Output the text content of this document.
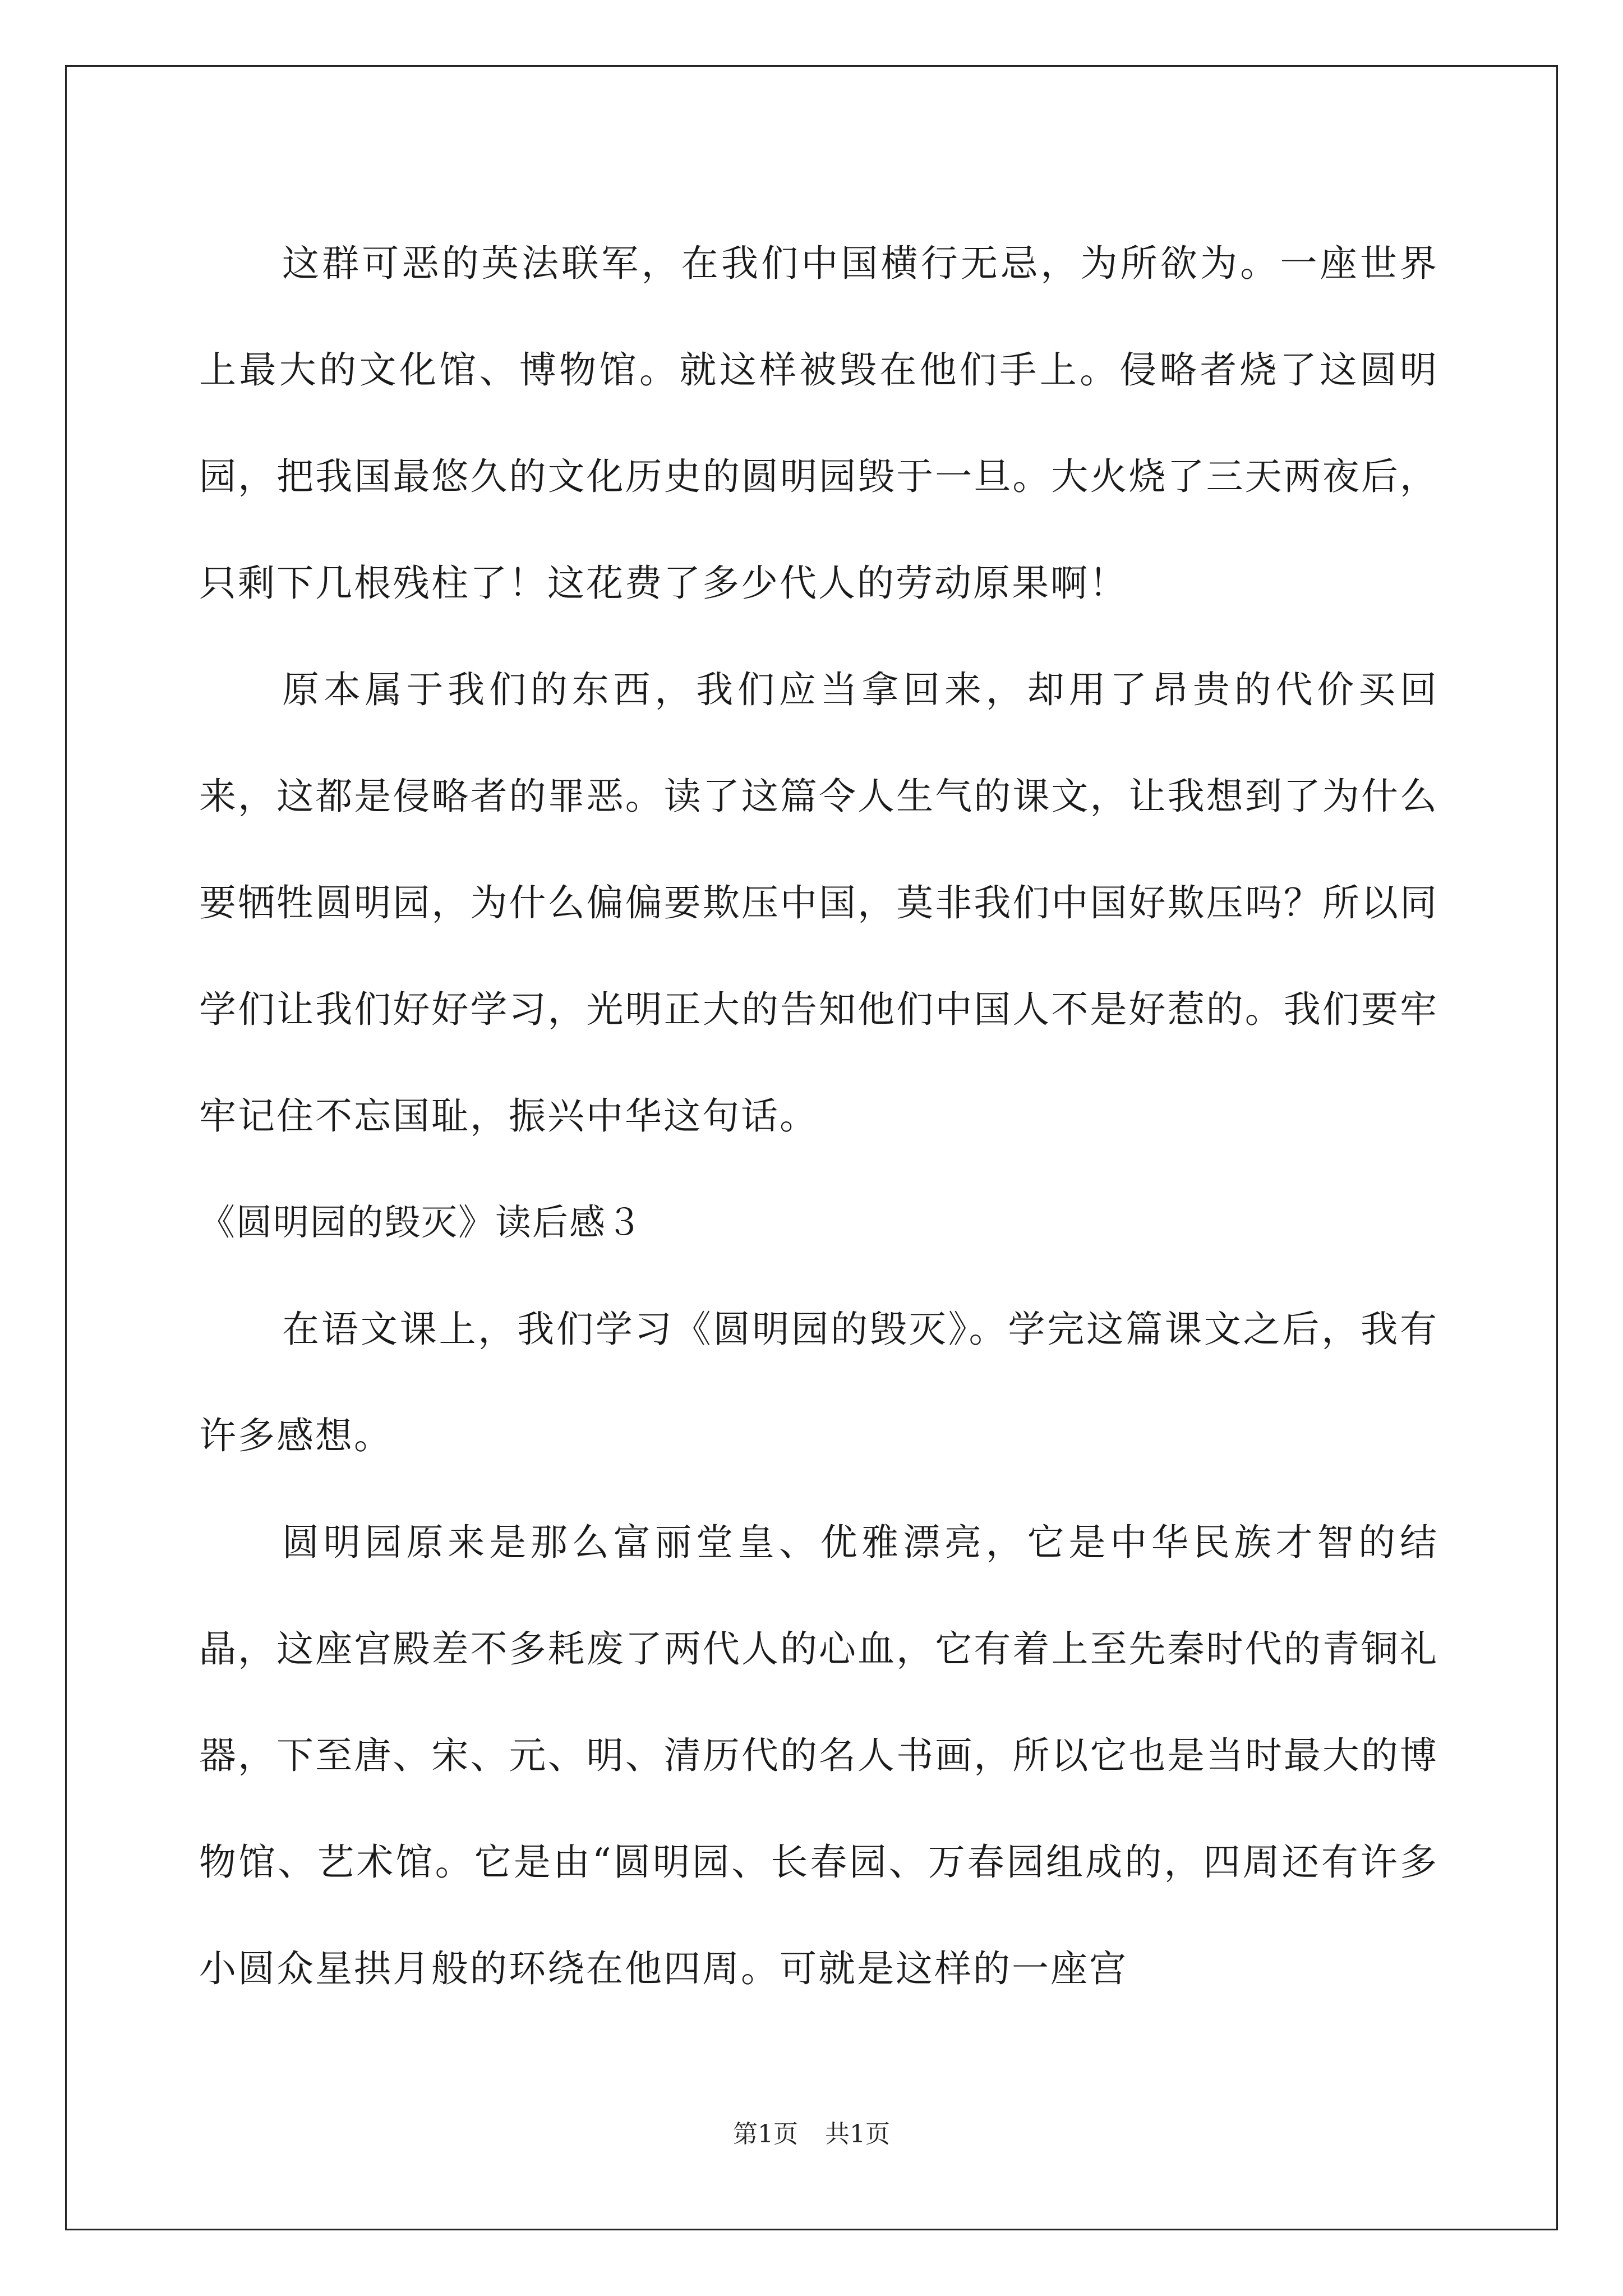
这群可恶的英法联军，在我们中国横行无忌，为所欲为。一座世界上最大的文化馆、博物馆。就这样被毁在他们手上。侵略者烧了这圆明园，把我国最悠久的文化历史的圆明园毁于一旦。大火烧了三天两夜后，只剩下几根残柱了！这花费了多少代人的劳动原果啊！

原本属于我们的东西，我们应当拿回来，却用了昂贵的代价买回来，这都是侵略者的罪恶。读了这篇令人生气的课文，让我想到了为什么要牺牲圆明园，为什么偏偏要欺压中国，莫非我们中国好欺压吗？所以同学们让我们好好学习，光明正大的告知他们中国人不是好惹的。我们要牢牢记住不忘国耻，振兴中华这句话。

《圆明园的毁灭》读后感３

在语文课上，我们学习《圆明园的毁灭》。学完这篇课文之后，我有许多感想。

圆明园原来是那么富丽堂皇、优雅漂亮，它是中华民族才智的结晶，这座宫殿差不多耗废了两代人的心血，它有着上至先秦时代的青铜礼器，下至唐、宋、元、明、清历代的名人书画，所以它也是当时最大的博物馆、艺术馆。它是由“圆明园、长春园、万春园组成的，四周还有许多小圆众星拱月般的环绕在他四周。可就是这样的一座宫

第1页 共1页
